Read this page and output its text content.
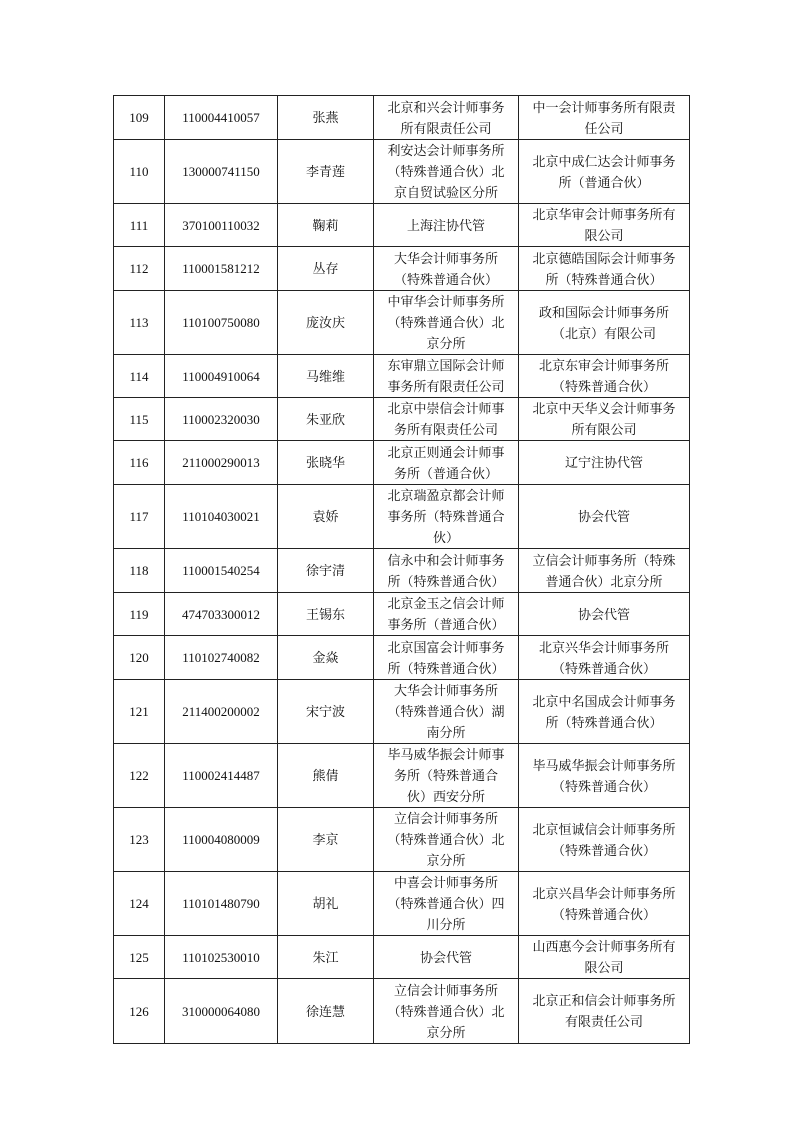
109	110004410057	张燕	北京和兴会计师事务所有限责任公司	中一会计师事务所有限责任公司
110	130000741150	李青莲	利安达会计师事务所（特殊普通合伙）北京自贸试验区分所	北京中成仁达会计师事务所（普通合伙）
111	370100110032	鞠莉	上海注协代管	北京华审会计师事务所有限公司
112	110001581212	丛存	大华会计师事务所（特殊普通合伙）	北京德皓国际会计师事务所（特殊普通合伙）
113	110100750080	庞汝庆	中审华会计师事务所（特殊普通合伙）北京分所	政和国际会计师事务所（北京）有限公司
114	110004910064	马维维	东审鼎立国际会计师事务所有限责任公司	北京东审会计师事务所（特殊普通合伙）
115	110002320030	朱亚欣	北京中崇信会计师事务所有限责任公司	北京中天华义会计师事务所有限公司
116	211000290013	张晓华	北京正则通会计师事务所（普通合伙）	辽宁注协代管
117	110104030021	袁娇	北京瑞盈京都会计师事务所（特殊普通合伙）	协会代管
118	110001540254	徐宇清	信永中和会计师事务所（特殊普通合伙）	立信会计师事务所（特殊普通合伙）北京分所
119	474703300012	王锡东	北京金玉之信会计师事务所（普通合伙）	协会代管
120	110102740082	金焱	北京国富会计师事务所（特殊普通合伙）	北京兴华会计师事务所（特殊普通合伙）
121	211400200002	宋宁波	大华会计师事务所（特殊普通合伙）湖南分所	北京中名国成会计师事务所（特殊普通合伙）
122	110002414487	熊倩	毕马威华振会计师事务所（特殊普通合伙）西安分所	毕马威华振会计师事务所（特殊普通合伙）
123	110004080009	李京	立信会计师事务所（特殊普通合伙）北京分所	北京恒诚信会计师事务所（特殊普通合伙）
124	110101480790	胡礼	中喜会计师事务所（特殊普通合伙）四川分所	北京兴昌华会计师事务所（特殊普通合伙）
125	110102530010	朱江	协会代管	山西惠今会计师事务所有限公司
126	310000064080	徐连慧	立信会计师事务所（特殊普通合伙）北京分所	北京正和信会计师事务所有限责任公司
